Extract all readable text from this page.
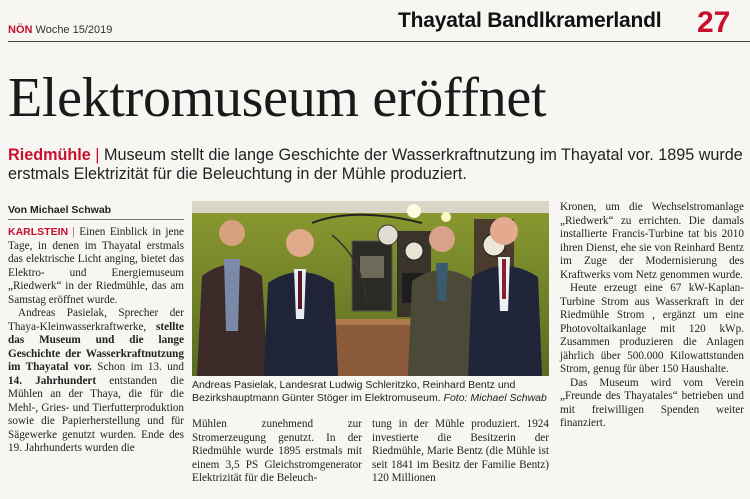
NÖN Woche 15/2019	Thayatal Bandlkramerlandl 27
Elektromuseum eröffnet
Riedmühle | Museum stellt die lange Geschichte der Wasserkraftnutzung im Thayatal vor. 1895 wurde erstmals Elektrizität für die Beleuchtung in der Mühle produziert.
Von Michael Schwab

KARLSTEIN | Einen Einblick in jene Tage, in denen im Thayatal erstmals das elektrische Licht anging, bietet das Elektro- und Energiemuseum „Riedwerk“ in der Riedmühle, das am Samstag eröffnet wurde.

Andreas Pasielak, Sprecher der Thaya-Kleinwasserkraftwerke, stellte das Museum und die lange Geschichte der Wasserkraftnutzung im Thayatal vor. Schon im 13. und 14. Jahrhundert entstanden die Mühlen an der Thaya, die für die Mehl-, Gries- und Tierfutterproduktion sowie die Papierherstellung und für Sägewerke genutzt wurden. Ende des 19. Jahrhunderts wurden die

Andreas Pasielak, Landesrat Ludwig Schleritzko, Reinhard Bentz und Bezirkshauptmann Günter Stöger im Elektromuseum. Foto: Michael Schwab

Mühlen zunehmend zur Stromerzeugung genutzt. In der Riedmühle wurde 1895 erstmals mit einem 3,5 PS Gleichstromgenerator Elektrizität für die Beleuch-

tung in der Mühle produziert. 1924 investierte die Besitzerin der Riedmühle, Marie Bentz (die Mühle ist seit 1841 im Besitz der Familie Bentz) 120 Millionen

Kronen, um die Wechselstromanlage „Riedwerk“ zu errichten. Die damals installierte Francis-Turbine tat bis 2010 ihren Dienst, ehe sie von Reinhard Bentz im Zuge der Modernisierung des Kraftwerks vom Netz genommen wurde.

Heute erzeugt eine 67 kW-Kaplan-Turbine Strom aus Wasserkraft in der Riedmühle Strom , ergänzt um eine Photovoltaikanlage mit 120 kWp. Zusammen produzieren die Anlagen jährlich über 500.000 Kilowattstunden Strom, genug für über 150 Haushalte.

Das Museum wird vom Verein „Freunde des Thayatales“ betrieben und mit freiwilligen Spenden weiter finanziert.
